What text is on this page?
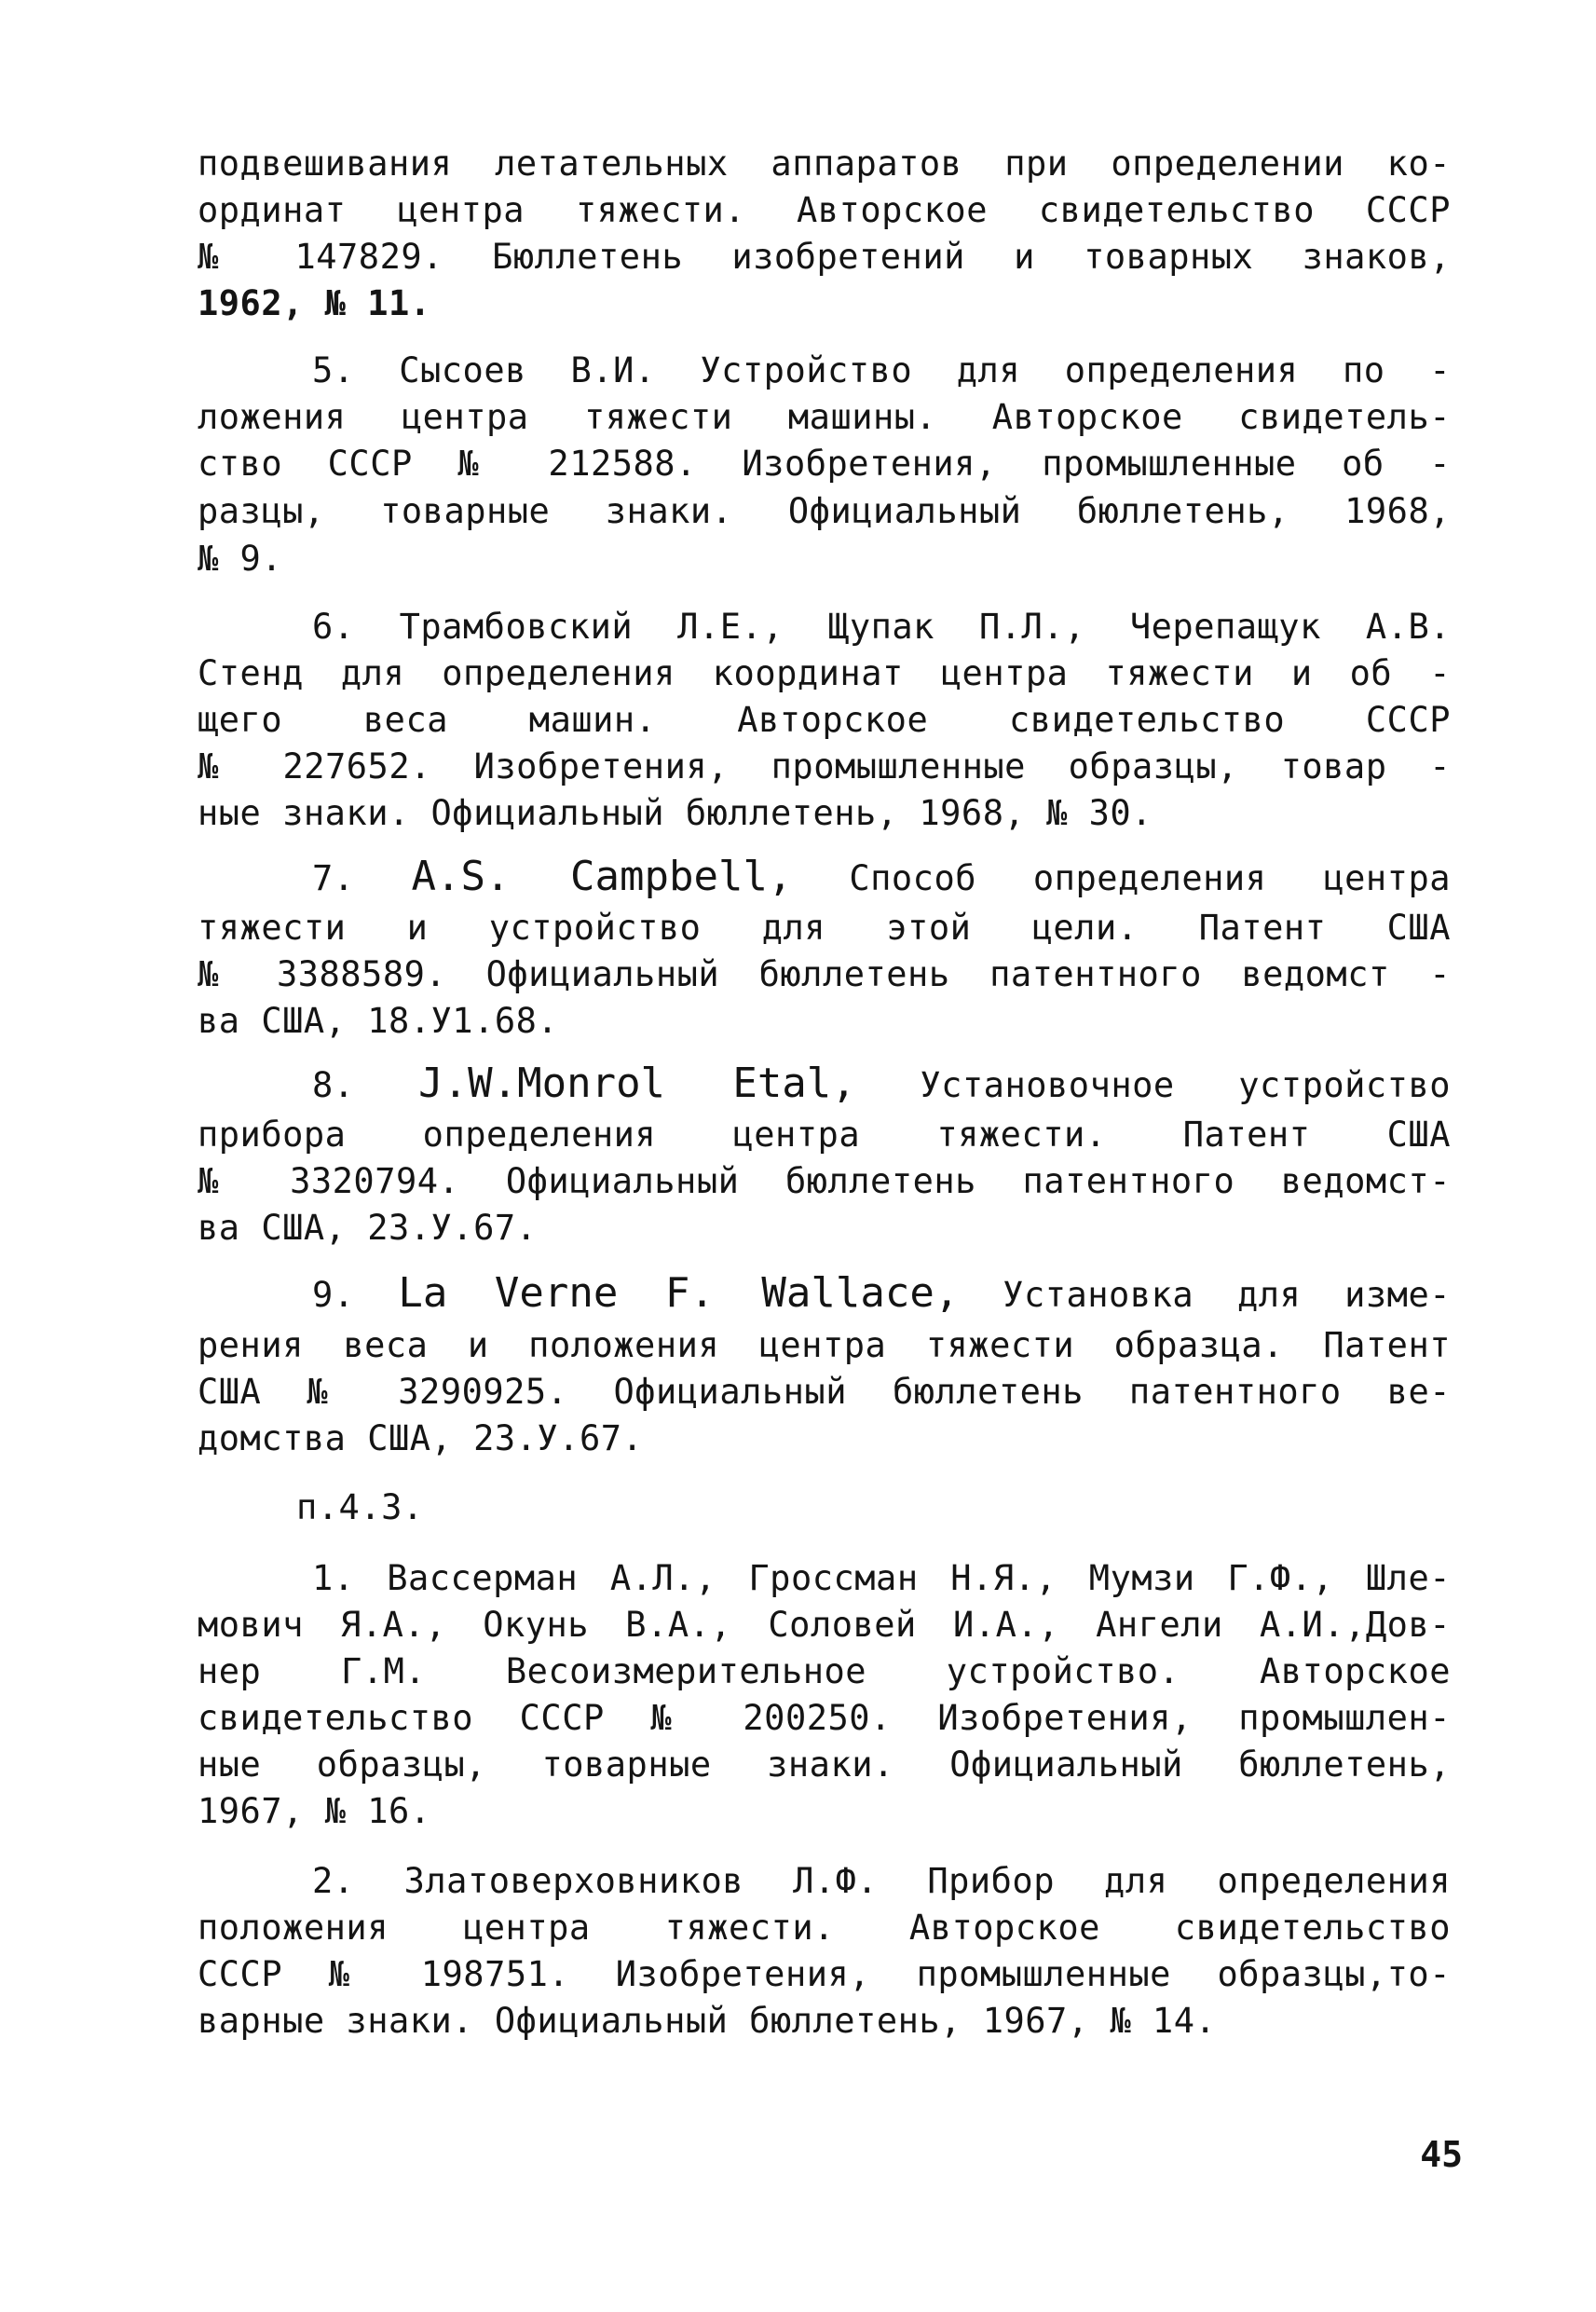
подвешивания летательных аппаратов при определении ко-
ординат центра тяжести. Авторское свидетельство СССР
№ 147829. Бюллетень изобретений и товарных знаков,
1962, № 11.
5. Сысоев В.И. Устройство для определения по -
ложения центра тяжести машины. Авторское свидетель-
ство СССР № 212588. Изобретения, промышленные об -
разцы, товарные знаки. Официальный бюллетень, 1968,
№ 9.
6. Трамбовский Л.Е., Щупак П.Л., Черепащук А.В.
Стенд для определения координат центра тяжести и об -
щего веса машин. Авторское свидетельство СССР
№ 227652. Изобретения, промышленные образцы, товар -
ные знаки. Официальный бюллетень, 1968, № 30.
7. A.S. Campbell, Способ определения центра
тяжести и устройство для этой цели. Патент США
№ 3388589. Официальный бюллетень патентного ведомст -
ва США, 18.У1.68.
8. J.W.Monrol Etal, Установочное устройство
прибора определения центра тяжести. Патент США
№ 3320794. Официальный бюллетень патентного ведомст-
ва США, 23.У.67.
9. La Verne F. Wallace, Установка для изме-
рения веса и положения центра тяжести образца. Патент
США № 3290925. Официальный бюллетень патентного ве-
домства США, 23.У.67.
п.4.3.
1. Вассерман А.Л., Гроссман Н.Я., Мумзи Г.Ф., Шле-
мович Я.А., Окунь В.А., Соловей И.А., Ангели А.И.,Дов-
нер Г.М. Весоизмерительное устройство. Авторское
свидетельство СССР № 200250. Изобретения, промышлен-
ные образцы, товарные знаки. Официальный бюллетень,
1967, № 16.
2. Златоверховников Л.Ф. Прибор для определения
положения центра тяжести. Авторское свидетельство
СССР № 198751. Изобретения, промышленные образцы,то-
варные знаки. Официальный бюллетень, 1967, № 14.
45
